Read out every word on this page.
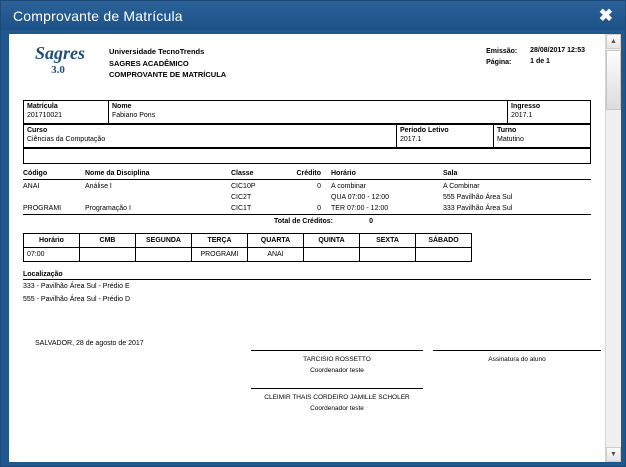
Comprovante de Matrícula	✖
Sagres
3.0
Universidade TecnoTrends
SAGRES ACADÊMICO
COMPROVANTE DE MATRÍCULA
Emissão:	28/08/2017 12:53
Página:	1 de 1
Matrícula
201710021

Nome
Fabiano Pons

Ingresso
2017.1
Curso
Ciências da Computação

Período Letivo
2017.1

Turno
Matutino

Código	Nome da Disciplina	Classe	Crédito	Horário	Sala
ANAI	Análise I	CIC10P	0	A combinar	A Combinar
		CIC2T		QUA 07:00 - 12:00	555 Pavilhão Área Sul
PROGRAMI	Programação I	CIC1T	0	TER 07:00 - 12:00	333 Pavilhão Área Sul
Total de Créditos:	0
Horário	CMB	SEGUNDA	TERÇA	QUARTA	QUINTA	SEXTA	SÁBADO
07:00			PROGRAMI	ANAI			
Localização
333 - Pavilhão Área Sul - Prédio E
555 - Pavilhão Área Sul - Prédio D
SALVADOR, 28 de agosto de 2017
TARCISIO ROSSETTO
Coordenador teste
Assinatura do aluno
CLEIMIR THAIS CORDEIRO JAMILLE SCHOLER
Coordenador teste
▲
▼
